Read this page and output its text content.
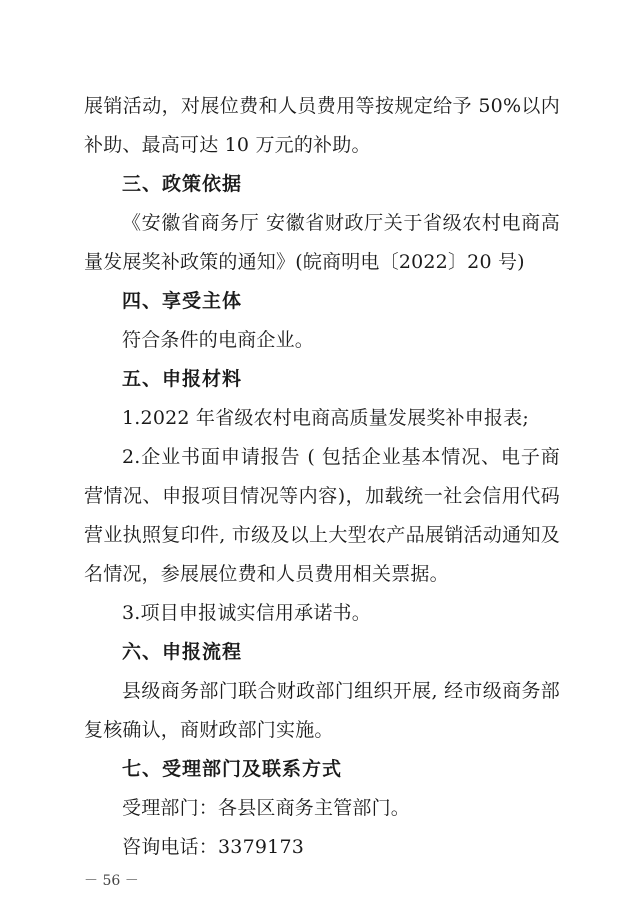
展销活动，对展位费和人员费用等按规定给予 50%以内
补助、最高可达 10 万元的补助。
三、政策依据
《安徽省商务厅 安徽省财政厅关于省级农村电商高
量发展奖补政策的通知》(皖商明电〔2022〕20 号)
四、享受主体
符合条件的电商企业。
五、申报材料
1.2022 年省级农村电商高质量发展奖补申报表;
2.企业书面申请报告 ( 包括企业基本情况、电子商
营情况、申报项目情况等内容)，加载统一社会信用代码
营业执照复印件, 市级及以上大型农产品展销活动通知及
名情况，参展展位费和人员费用相关票据。
3.项目申报诚实信用承诺书。
六、申报流程
县级商务部门联合财政部门组织开展, 经市级商务部
复核确认，商财政部门实施。
七、受理部门及联系方式
受理部门：各县区商务主管部门。
咨询电话：3379173
－ 56 －
